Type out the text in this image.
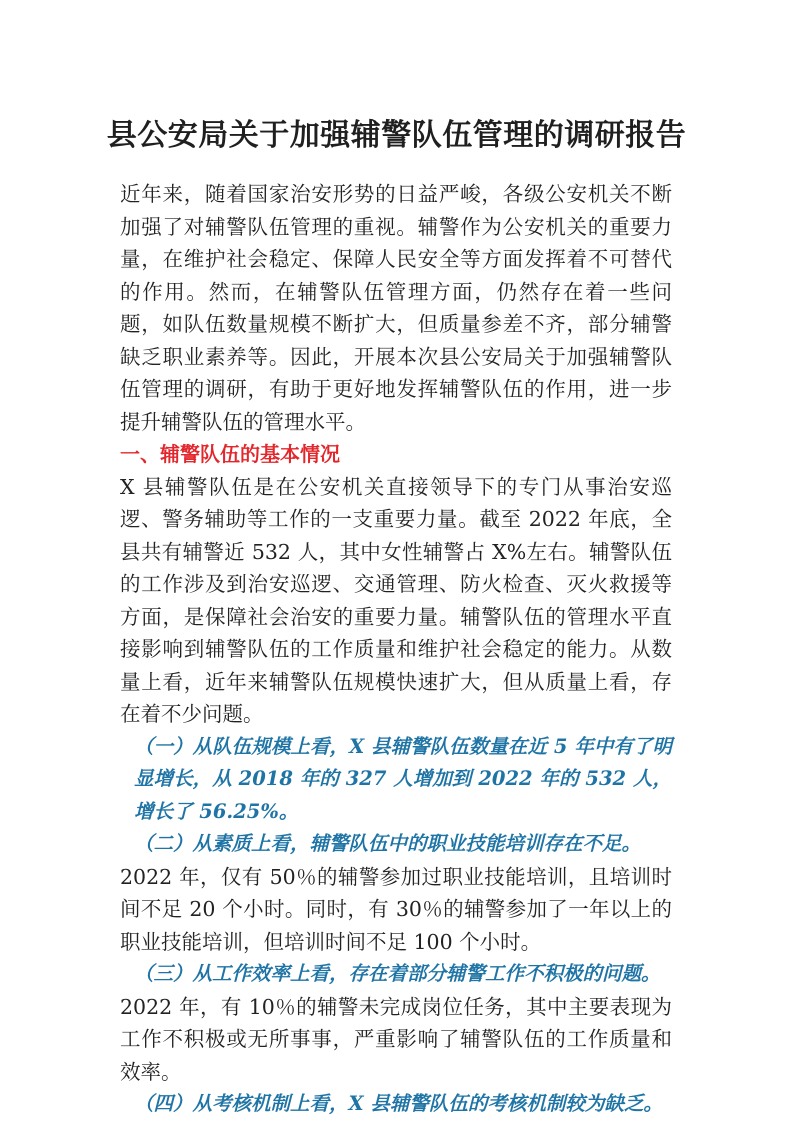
县公安局关于加强辅警队伍管理的调研报告

近年来，随着国家治安形势的日益严峻，各级公安机关不断加强了对辅警队伍管理的重视。辅警作为公安机关的重要力量，在维护社会稳定、保障人民安全等方面发挥着不可替代的作用。然而，在辅警队伍管理方面，仍然存在着一些问题，如队伍数量规模不断扩大，但质量参差不齐，部分辅警缺乏职业素养等。因此，开展本次县公安局关于加强辅警队伍管理的调研，有助于更好地发挥辅警队伍的作用，进一步提升辅警队伍的管理水平。

一、辅警队伍的基本情况

X 县辅警队伍是在公安机关直接领导下的专门从事治安巡逻、警务辅助等工作的一支重要力量。截至 2022 年底，全县共有辅警近 532 人，其中女性辅警占 X%左右。辅警队伍的工作涉及到治安巡逻、交通管理、防火检查、灭火救援等方面，是保障社会治安的重要力量。辅警队伍的管理水平直接影响到辅警队伍的工作质量和维护社会稳定的能力。从数量上看，近年来辅警队伍规模快速扩大，但从质量上看，存在着不少问题。

（一）从队伍规模上看，X 县辅警队伍数量在近 5 年中有了明显增长，从 2018 年的 327 人增加到 2022 年的 532 人，增长了 56.25%。

（二）从素质上看，辅警队伍中的职业技能培训存在不足。

2022 年，仅有 50％的辅警参加过职业技能培训，且培训时间不足 20 个小时。同时，有 30％的辅警参加了一年以上的职业技能培训，但培训时间不足 100 个小时。

（三）从工作效率上看，存在着部分辅警工作不积极的问题。

2022 年，有 10％的辅警未完成岗位任务，其中主要表现为工作不积极或无所事事，严重影响了辅警队伍的工作质量和效率。

（四）从考核机制上看，X 县辅警队伍的考核机制较为缺乏。
